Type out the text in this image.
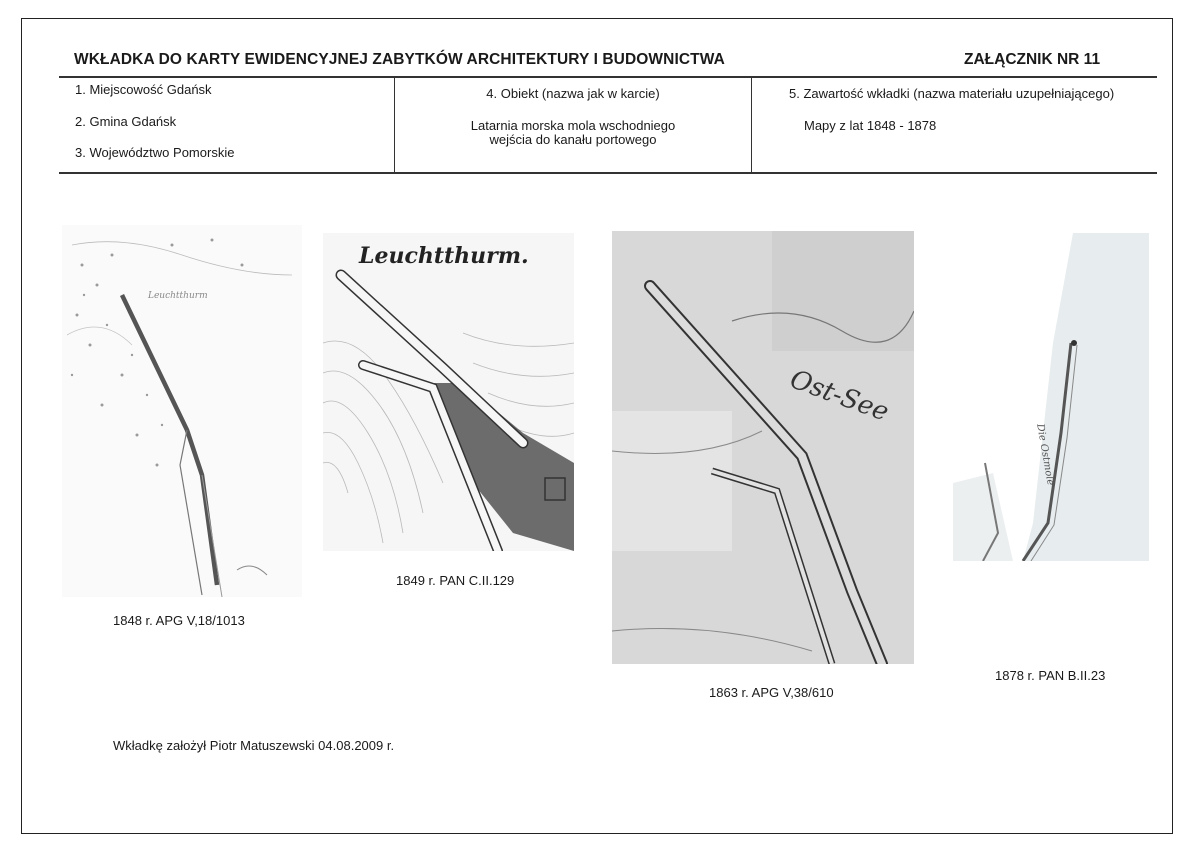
WKŁADKA DO KARTY EWIDENCYJNEJ ZABYTKÓW ARCHITEKTURY I BUDOWNICTWA	ZAŁĄCZNIK NR 11
1. Miejscowość Gdańsk
2. Gmina Gdańsk
3. Województwo Pomorskie
4. Obiekt (nazwa jak w karcie)
Latarnia morska mola wschodniego
wejścia do kanału portowego
5. Zawartość wkładki (nazwa materiału uzupełniającego)
Mapy z lat 1848 - 1878
Leuchtthurm
1848 r. APG V,18/1013
Leuchtthurm.
1849 r. PAN C.II.129
Ost-See
1863 r. APG V,38/610
Die Ostmole
1878 r. PAN B.II.23
Wkładkę założył Piotr Matuszewski 04.08.2009 r.
